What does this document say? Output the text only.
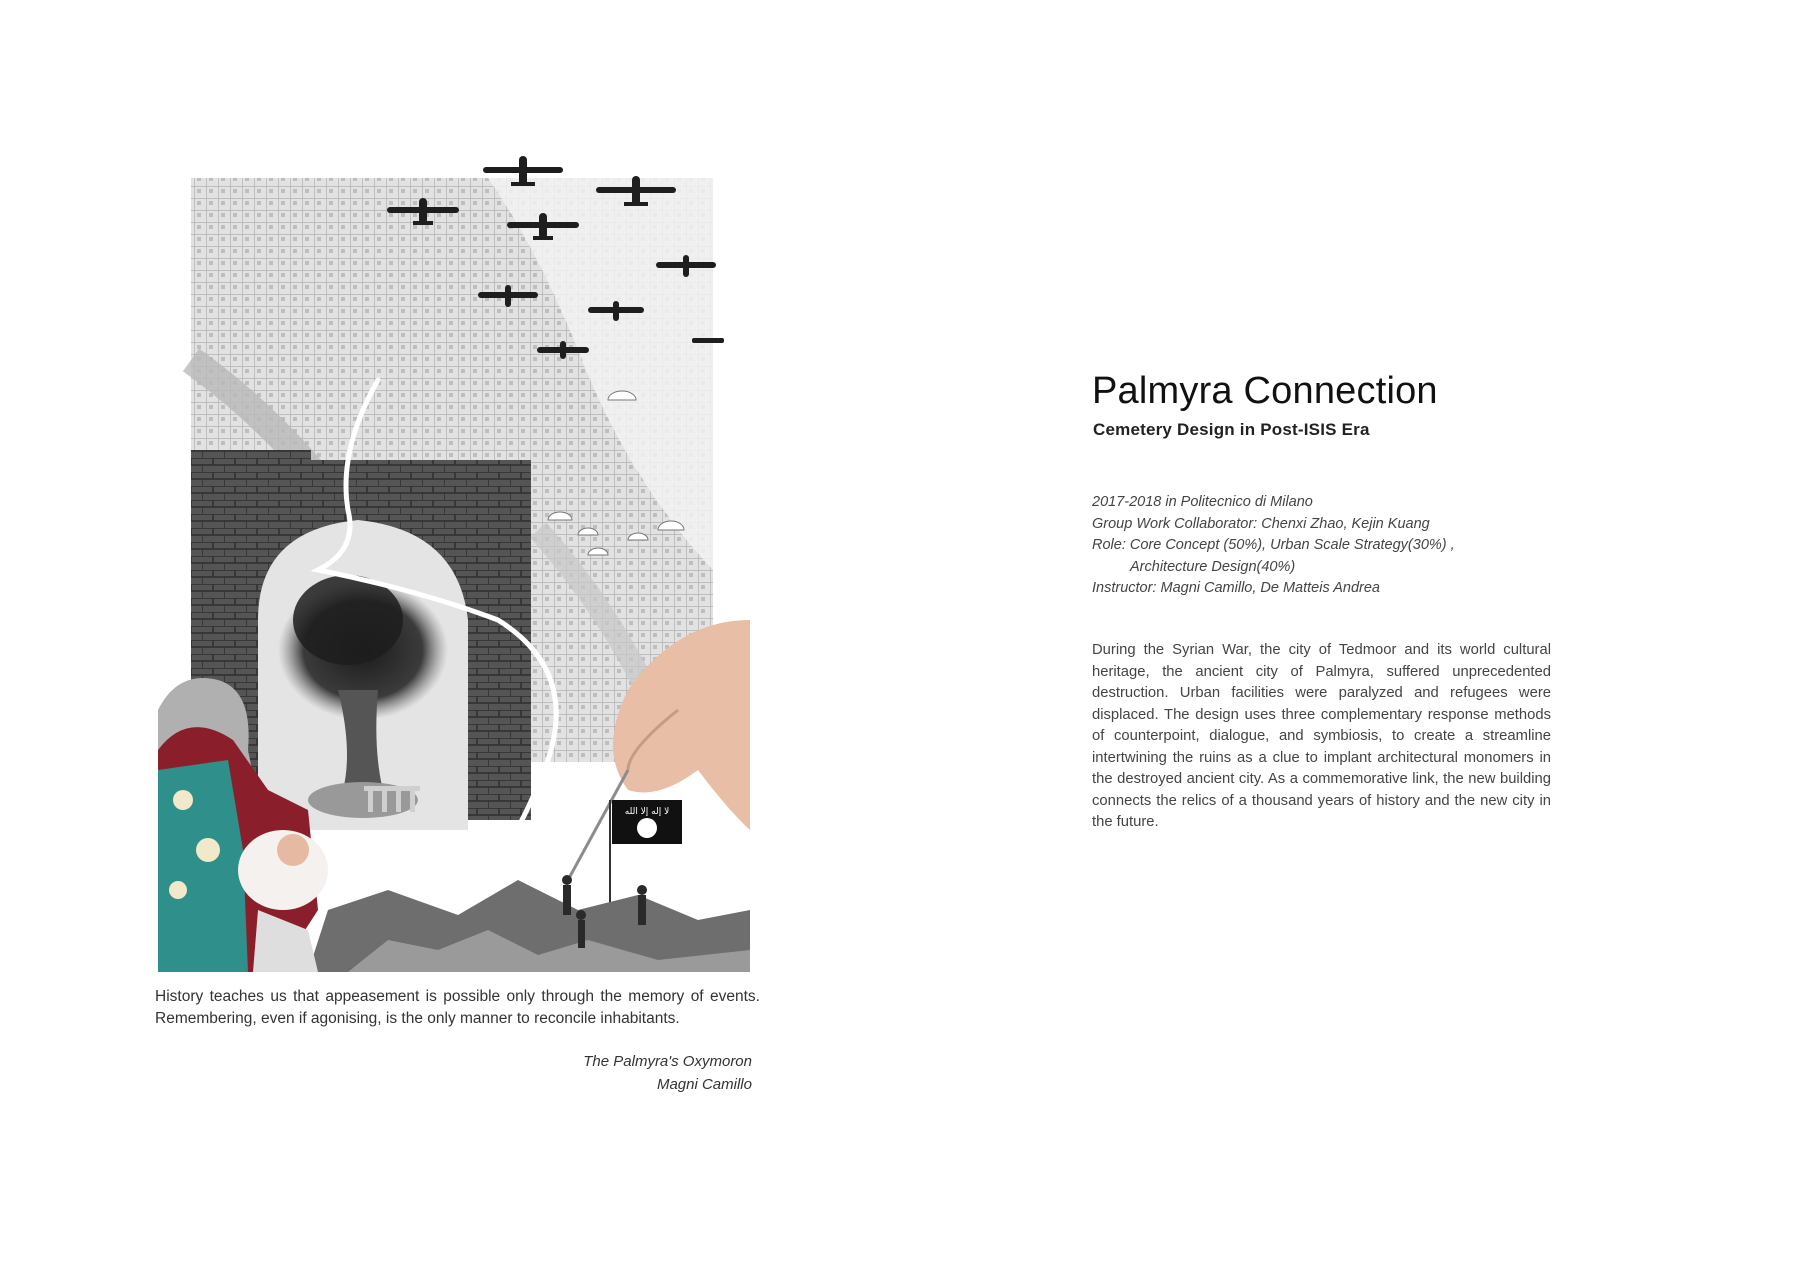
لا إله إلا الله
History teaches us that appeasement is possible only through the memory of events. Remembering, even if agonising, is the only manner to reconcile inhabitants.
The Palmyra's Oxymoron
Magni Camillo
Palmyra Connection
Cemetery Design in Post-ISIS Era
2017-2018 in Politecnico di Milano
Group Work Collaborator: Chenxi Zhao, Kejin Kuang
Role: Core Concept (50%), Urban Scale Strategy(30%) ,
Architecture Design(40%)
Instructor: Magni Camillo, De Matteis Andrea

During the Syrian War, the city of Tedmoor and its world cultural heritage, the ancient city of Palmyra, suffered unprecedented destruction. Urban facilities were paralyzed and refugees were displaced. The design uses three complementary response methods of counterpoint, dialogue, and symbiosis, to create a streamline intertwining the ruins as a clue to implant architectural monomers in the destroyed ancient city. As a commemorative link, the new building connects the relics of a thousand years of history and the new city in the future.
